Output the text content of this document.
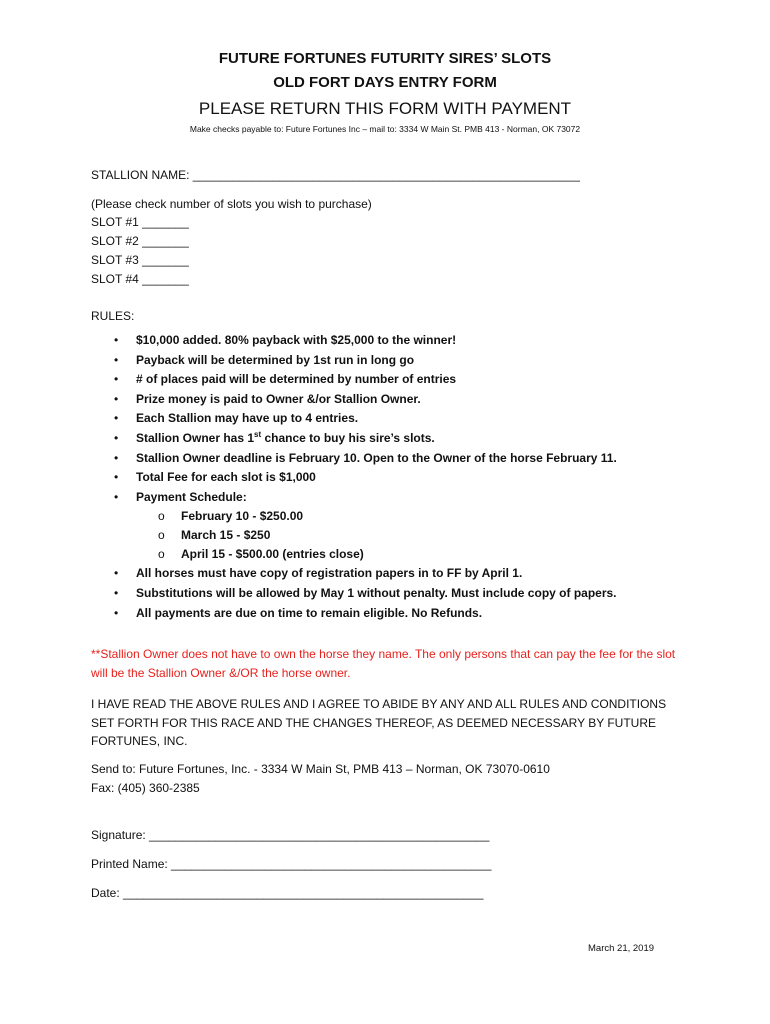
FUTURE FORTUNES FUTURITY SIRES’ SLOTS
OLD FORT DAYS ENTRY FORM
PLEASE RETURN THIS FORM WITH PAYMENT
Make checks payable to: Future Fortunes Inc – mail to: 3334 W Main St. PMB 413 - Norman, OK 73072
STALLION NAME: __________________________________________________________
(Please check number of slots you wish to purchase)
SLOT #1 _______
SLOT #2 _______
SLOT #3 _______
SLOT #4 _______
RULES:
• $10,000 added. 80% payback with $25,000 to the winner!
• Payback will be determined by 1st run in long go
• # of places paid will be determined by number of entries
• Prize money is paid to Owner &/or Stallion Owner.
• Each Stallion may have up to 4 entries.
• Stallion Owner has 1st chance to buy his sire’s slots.
• Stallion Owner deadline is February 10. Open to the Owner of the horse February 11.
• Total Fee for each slot is $1,000
• Payment Schedule:
o February 10 - $250.00
o March 15 - $250
o April 15 - $500.00 (entries close)
• All horses must have copy of registration papers in to FF by April 1.
• Substitutions will be allowed by May 1 without penalty. Must include copy of papers.
• All payments are due on time to remain eligible. No Refunds.
**Stallion Owner does not have to own the horse they name. The only persons that can pay the fee for the slot will be the Stallion Owner &/OR the horse owner.
I HAVE READ THE ABOVE RULES AND I AGREE TO ABIDE BY ANY AND ALL RULES AND CONDITIONS SET FORTH FOR THIS RACE AND THE CHANGES THEREOF, AS DEEMED NECESSARY BY FUTURE FORTUNES, INC.
Send to: Future Fortunes, Inc. - 3334 W Main St, PMB 413 – Norman, OK 73070-0610
Fax: (405) 360-2385
Signature: ___________________________________________________
Printed Name: ________________________________________________
Date: ______________________________________________________
March 21, 2019
